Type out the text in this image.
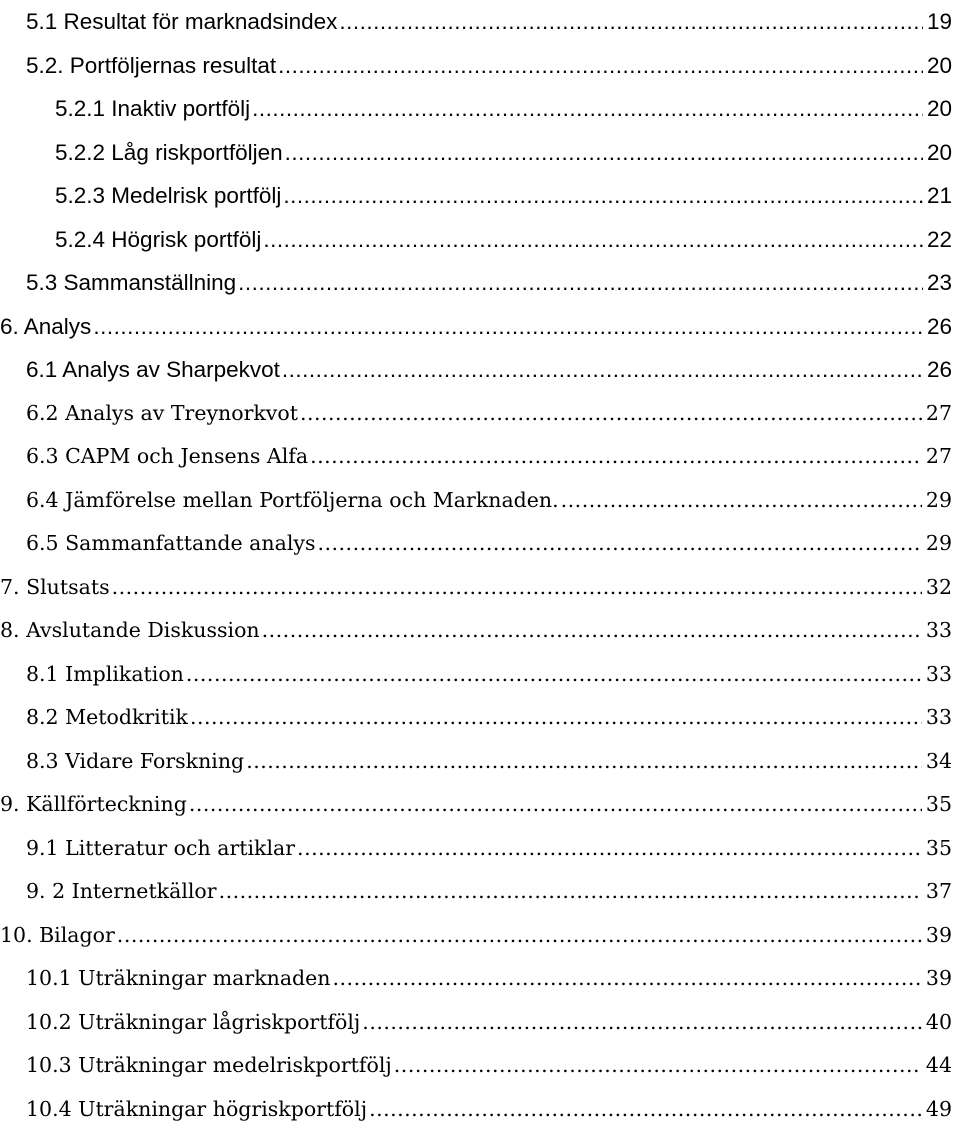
5.1 Resultat för marknadsindex .....	19
5.2. Portföljernas resultat .....	20
5.2.1 Inaktiv portfölj .....	20
5.2.2 Låg riskportföljen .....	20
5.2.3 Medelrisk portfölj .....	21
5.2.4 Högrisk portfölj .....	22
5.3 Sammanställning .....	23
6. Analys .....	26
6.1 Analys av Sharpekvot .....	26
6.2 Analys av Treynorkvot .....	27
6.3 CAPM och Jensens Alfa .....	27
6.4 Jämförelse mellan Portföljerna och Marknaden. .....	29
6.5 Sammanfattande analys .....	29
7. Slutsats .....	32
8. Avslutande Diskussion .....	33
8.1 Implikation .....	33
8.2 Metodkritik .....	33
8.3 Vidare Forskning .....	34
9. Källförteckning .....	35
9.1 Litteratur och artiklar .....	35
9. 2 Internetkällor .....	37
10. Bilagor .....	39
10.1 Uträkningar marknaden .....	39
10.2 Uträkningar lågriskportfölj .....	40
10.3 Uträkningar medelriskportfölj .....	44
10.4 Uträkningar högriskportfölj .....	49
